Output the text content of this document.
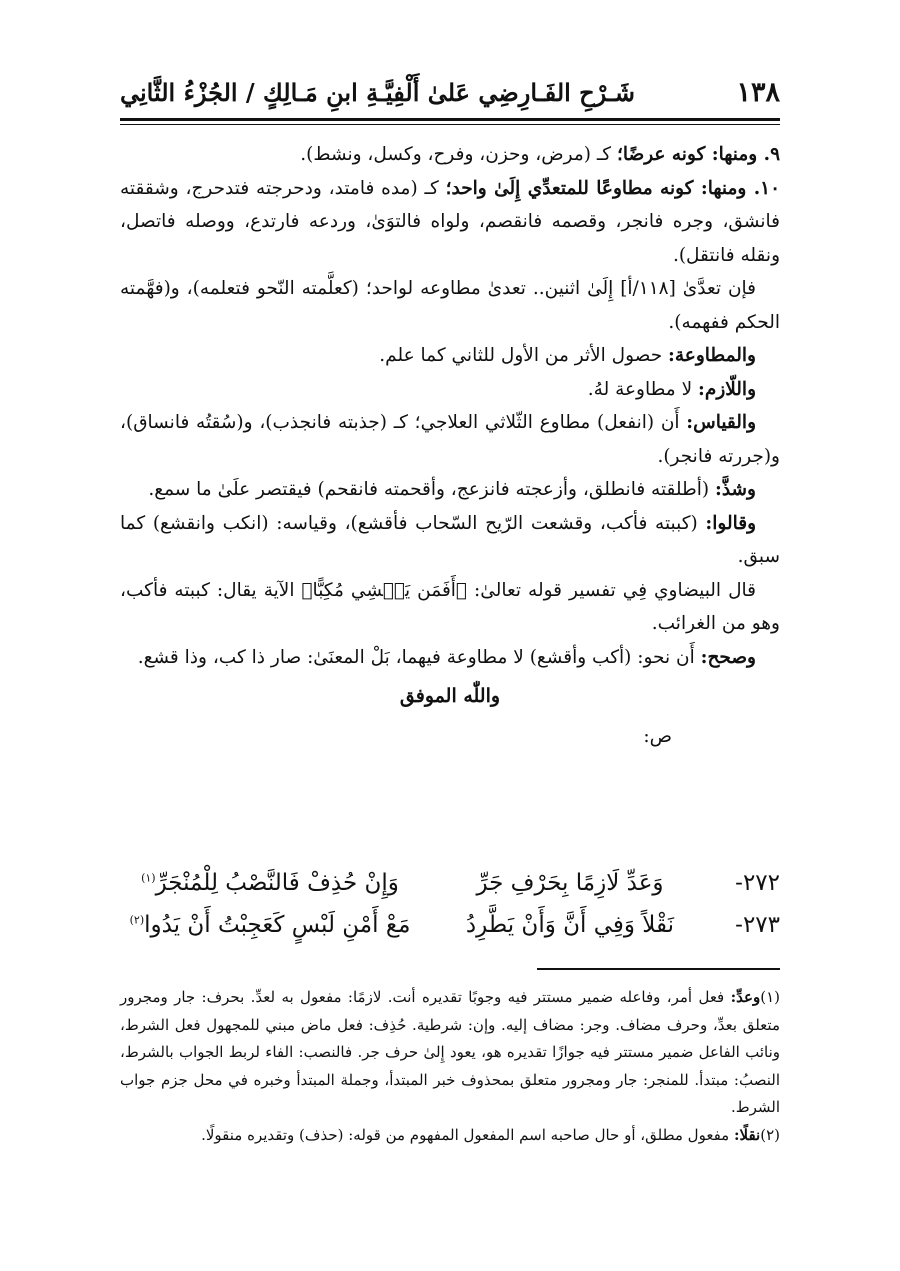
١٣٨
شَـرْحِ الفَـارِضِي عَلىٰ أَلْفِيَّـةِ ابنِ مَـالِكٍ / الجُزْءُ الثَّانِي

٩. ومنها: كونه عرضًا؛ كـ (مرض، وحزن، وفرح، وكسل، ونشط).

١٠. ومنها: كونه مطاوعًا للمتعدِّي إِلَىٰ واحد؛ كـ (مده فامتد، ودحرجته فتدحرج، وشققته فانشق، وجره فانجر، وقصمه فانقصم، ولواه فالتوَىٰ، وردعه فارتدع، ووصله فاتصل، ونقله فانتقل).

فإن تعدَّىٰ [١١٨/أ] إِلَىٰ اثنين.. تعدىٰ مطاوعه لواحد؛ (كعلَّمته النّحو فتعلمه)، و(فهَّمته الحكم ففهمه).

والمطاوعة: حصول الأثر من الأول للثاني كما علم.

واللّازم: لا مطاوعة لهُ.

والقياس: أَن (انفعل) مطاوع الثّلاثي العلاجي؛ كـ (جذبته فانجذب)، و(سُقتُه فانساق)، و(جررته فانجر).

وشذَّ: (أطلقته فانطلق، وأزعجته فانزعج، وأقحمته فانقحم) فيقتصر علَىٰ ما سمع.

وقالوا: (كببته فأكب، وقشعت الرّيح السّحاب فأقشع)، وقياسه: (انكب وانقشع) كما سبق.

قال البيضاوي فِي تفسير قوله تعالىٰ: ﴿أَفَمَن يَمۡشِي مُكِبًّا﴾ الآية يقال: كببته فأكب، وهو من الغرائب.

وصحح: أَن نحو: (أكب وأقشع) لا مطاوعة فيهما، بَلْ المعنَىٰ: صار ذا كب، وذا قشع.

واللّٰه الموفق

ص:

٢٧٢-
وَعَدِّ لَازِمًا بِحَرْفِ جَرِّ
وَإِنْ حُذِفْ فَالنَّصْبُ لِلْمُنْجَرِّ$^{(١)}$
٢٧٣-
نَقْلاً وَفِي أَنَّ وَأَنْ يَطَّرِدُ
مَعْ أَمْنِ لَبْسٍ كَعَجِبْتُ أَنْ يَدُوا$^{(٢)}$

(١)وعدِّ: فعل أمر، وفاعله ضمير مستتر فيه وجوبًا تقديره أنت. لازمًا: مفعول به لعدِّ. بحرف: جار ومجرور متعلق بعدِّ، وحرف مضاف. وجر: مضاف إليه. وإن: شرطية. حُذِف: فعل ماض مبني للمجهول فعل الشرط، ونائب الفاعل ضمير مستتر فيه جوازًا تقديره هو، يعود إِلىٰ حرف جر. فالنصب: الفاء لربط الجواب بالشرط، النصبُ: مبتدأ. للمنجر: جار ومجرور متعلق بمحذوف خبر المبتدأ، وجملة المبتدأ وخبره في محل جزم جواب الشرط.

(٢)نقلًا: مفعول مطلق، أو حال صاحبه اسم المفعول المفهوم من قوله: (حذف) وتقديره منقولًا.
